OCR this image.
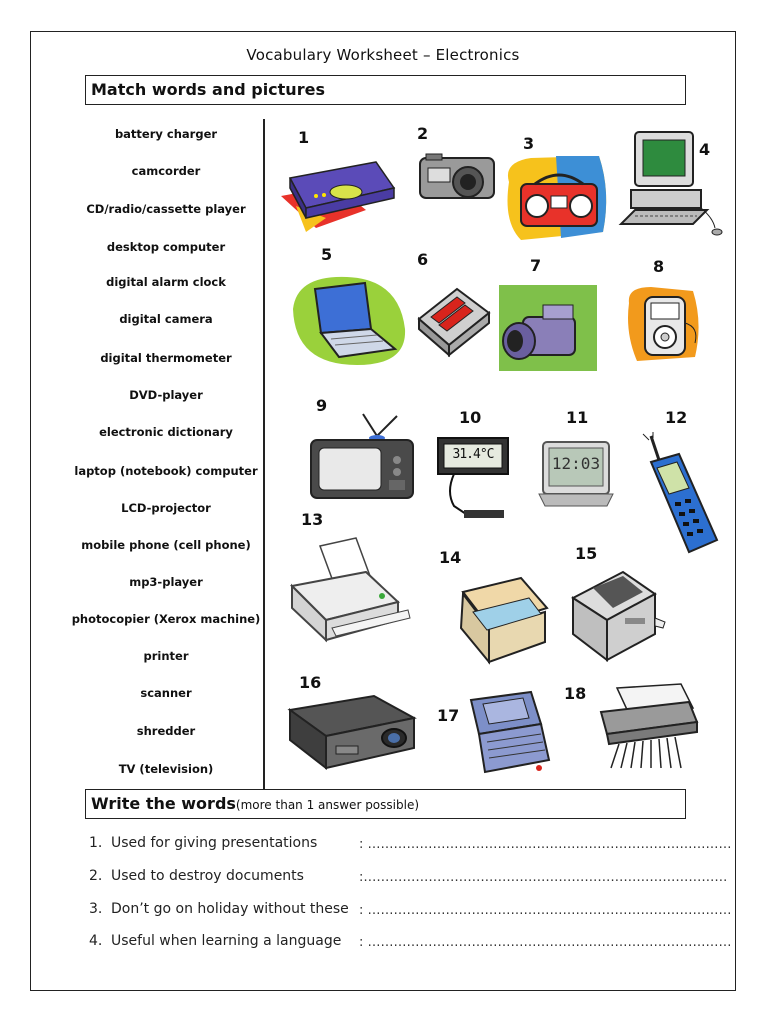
Vocabulary Worksheet – Electronics
Match words and pictures
battery charger
camcorder
CD/radio/cassette player
desktop computer
digital alarm clock
digital camera
digital thermometer
DVD-player
electronic dictionary
laptop (notebook) computer
LCD-projector
mobile phone (cell phone)
mp3-player
photocopier (Xerox machine)
printer
scanner
shredder
TV (television)
1	2
3	4
5	6	7	8
9
10	11	12
13
14	15
16
17
18
31.4°C	12:03
Write the words(more than 1 answer possible)
1. Used for giving presentations	: …………………………………………………………………………
2. Used to destroy documents	:…………………………………………………………………………
3. Don’t go on holiday without these : …………………………………………………………………………
4. Useful when learning a language : …………………………………………………………………………
